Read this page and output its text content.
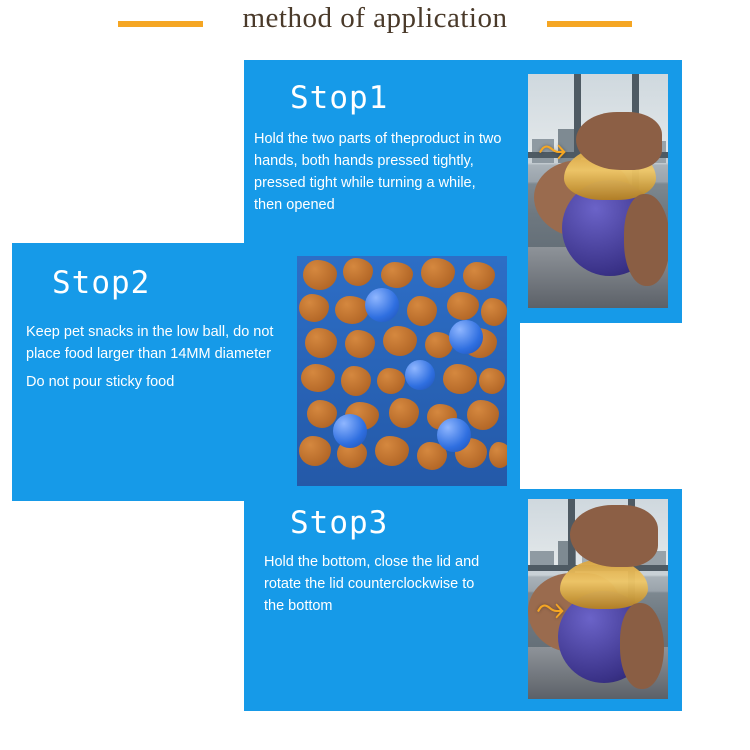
method of application
Stop1

Hold the two parts of theproduct in two

hands, both hands pressed tightly,

pressed tight while turning a while,

then opened

⤳
Stop2

Keep pet snacks in the low ball, do not

place food larger than 14MM diameter

Do not pour sticky food

Stop3

Hold the bottom, close the lid and

rotate the lid counterclockwise to

the bottom	⤳
